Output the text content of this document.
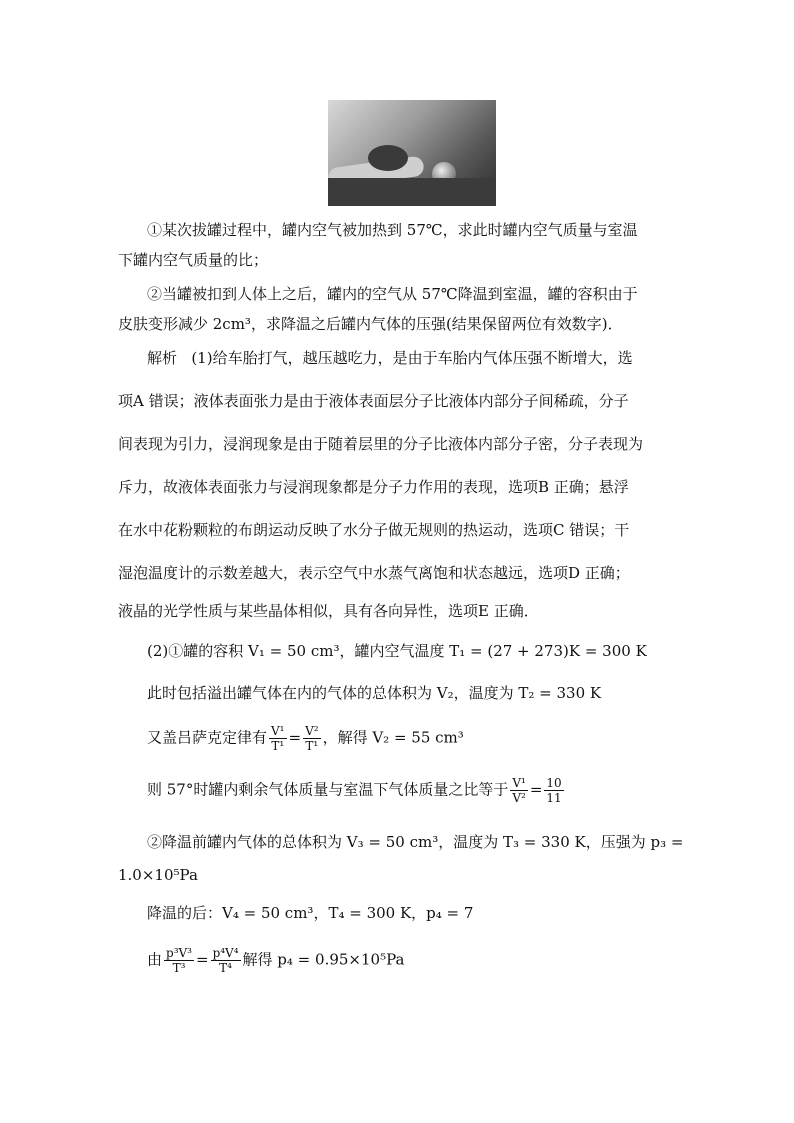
①某次拔罐过程中，罐内空气被加热到 57℃，求此时罐内空气质量与室温
下罐内空气质量的比；
②当罐被扣到人体上之后，罐内的空气从 57℃降温到室温，罐的容积由于
皮肤变形减少 2cm³，求降温之后罐内气体的压强(结果保留两位有效数字)．
解析 (1)给车胎打气，越压越吃力，是由于车胎内气体压强不断增大，选
项A 错误；液体表面张力是由于液体表面层分子比液体内部分子间稀疏，分子
间表现为引力，浸润现象是由于随着层里的分子比液体内部分子密，分子表现为
斥力，故液体表面张力与浸润现象都是分子力作用的表现，选项B 正确；悬浮
在水中花粉颗粒的布朗运动反映了水分子做无规则的热运动，选项C 错误；干
湿泡温度计的示数差越大，表示空气中水蒸气离饱和状态越远，选项D 正确；
液晶的光学性质与某些晶体相似，具有各向异性，选项E 正确．
(2)①罐的容积 V₁ = 50 cm³，罐内空气温度 T₁ = (27 + 273)K = 300 K
此时包括溢出罐气体在内的气体的总体积为 V₂，温度为 T₂ = 330 K
又盖吕萨克定律有 $\frac{\text{V¹}}{\text{T¹}} = \frac{\text{V²}}{\text{T¹}}$ ，解得 V₂ = 55 cm³
则 57°时罐内剩余气体质量与室温下气体质量之比等于 $\frac{\text{V¹}}{\text{V²}} = \frac{10}{11}$
②降温前罐内气体的总体积为 V₃ = 50 cm³，温度为 T₃ = 330 K，压强为 p₃ =
1.0×10⁵Pa
降温的后：V₄ = 50 cm³，T₄ = 300 K，p₄ = 7
由 $\frac{\text{p³V³}}{\text{T³}} = \frac{\text{p⁴V⁴}}{\text{T⁴}}$ 解得 p₄ = 0.95×10⁵Pa
